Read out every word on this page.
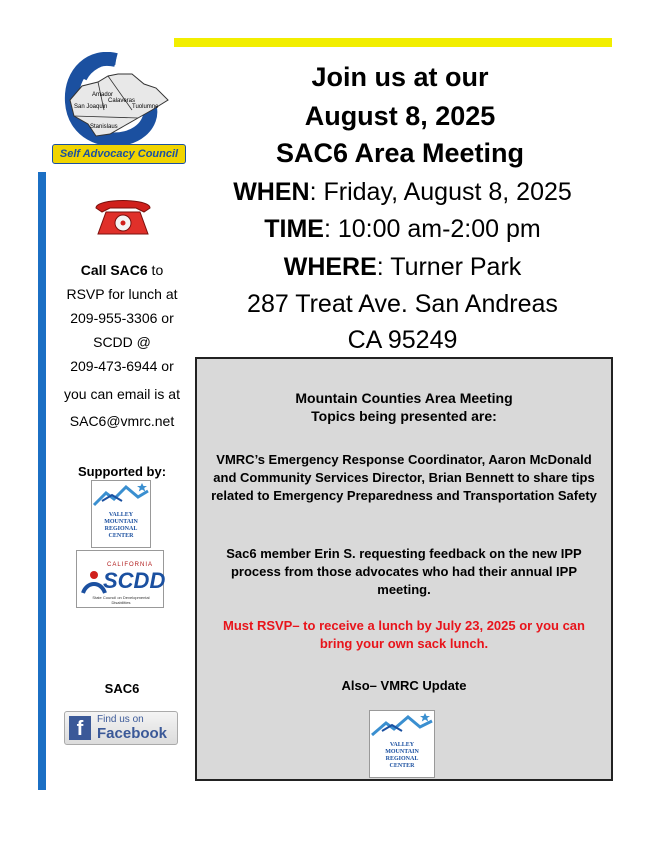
Amador
Calaveras
San Joaquin	Tuolumne
Stanislaus
Self Advocacy Council
Join us at our
August 8, 2025
SAC6 Area Meeting
WHEN: Friday, August 8, 2025
TIME: 10:00 am-2:00 pm
WHERE: Turner Park
287 Treat Ave. San Andreas
CA 95249
Call SAC6 to
RSVP for lunch at
209-955-3306 or
SCDD @
209-473-6944 or
you can email is at
SAC6@vmrc.net
Supported by:
VALLEY
MOUNTAIN
REGIONAL
CENTER
CALIFORNIA
SCDD
State Council on Developmental Disabilities
SAC6
f	Find us on
Facebook

Mountain Counties Area Meeting

Topics being presented are:

VMRC’s Emergency Response Coordinator, Aaron McDonald and Community Services Director, Brian Bennett to share tips related to Emergency Preparedness and Transportation Safety

Sac6 member Erin S. requesting feedback on the new IPP process from those advocates who had their annual IPP meeting.

Must RSVP– to receive a lunch by July 23, 2025 or you can bring your own sack lunch.

Also– VMRC Update

VALLEY
MOUNTAIN
REGIONAL
CENTER
